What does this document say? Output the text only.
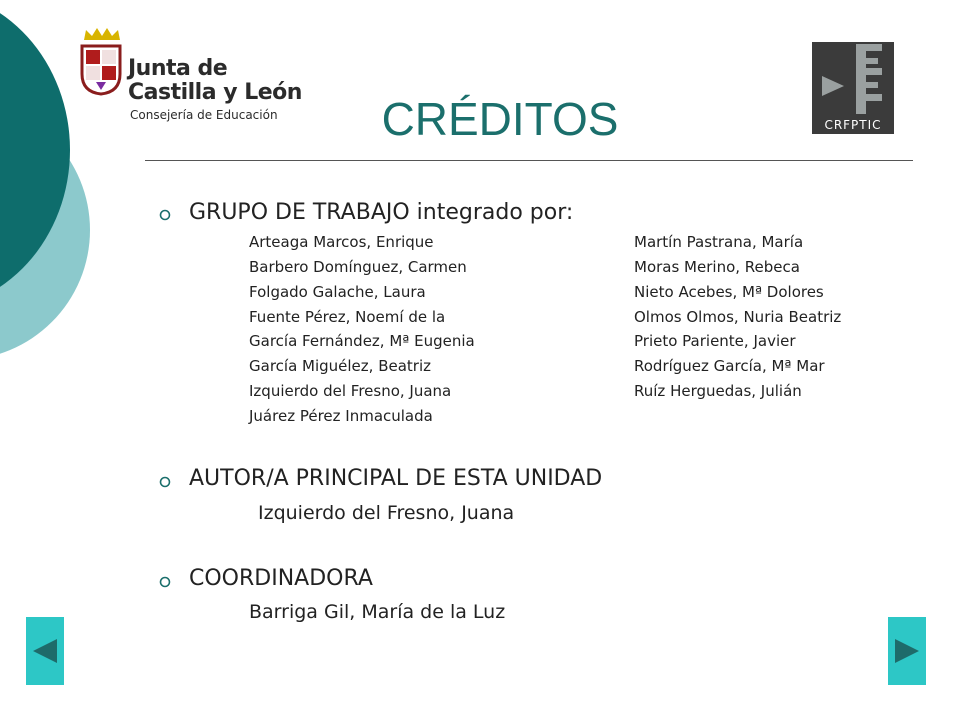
Junta de
Castilla y León
Consejería de Educación
CRFPTIC
CRÉDITOS
GRUPO DE TRABAJO integrado por:
Arteaga Marcos, Enrique
Barbero Domínguez, Carmen
Folgado Galache, Laura
Fuente Pérez, Noemí de la
García Fernández, Mª Eugenia
García Miguélez, Beatriz
Izquierdo del Fresno, Juana
Juárez Pérez Inmaculada
Martín Pastrana, María
Moras Merino, Rebeca
Nieto Acebes, Mª Dolores
Olmos Olmos, Nuria Beatriz
Prieto Pariente, Javier
Rodríguez García, Mª Mar
Ruíz Herguedas, Julián
AUTOR/A PRINCIPAL DE ESTA UNIDAD
Izquierdo del Fresno, Juana
COORDINADORA
Barriga Gil, María de la Luz
